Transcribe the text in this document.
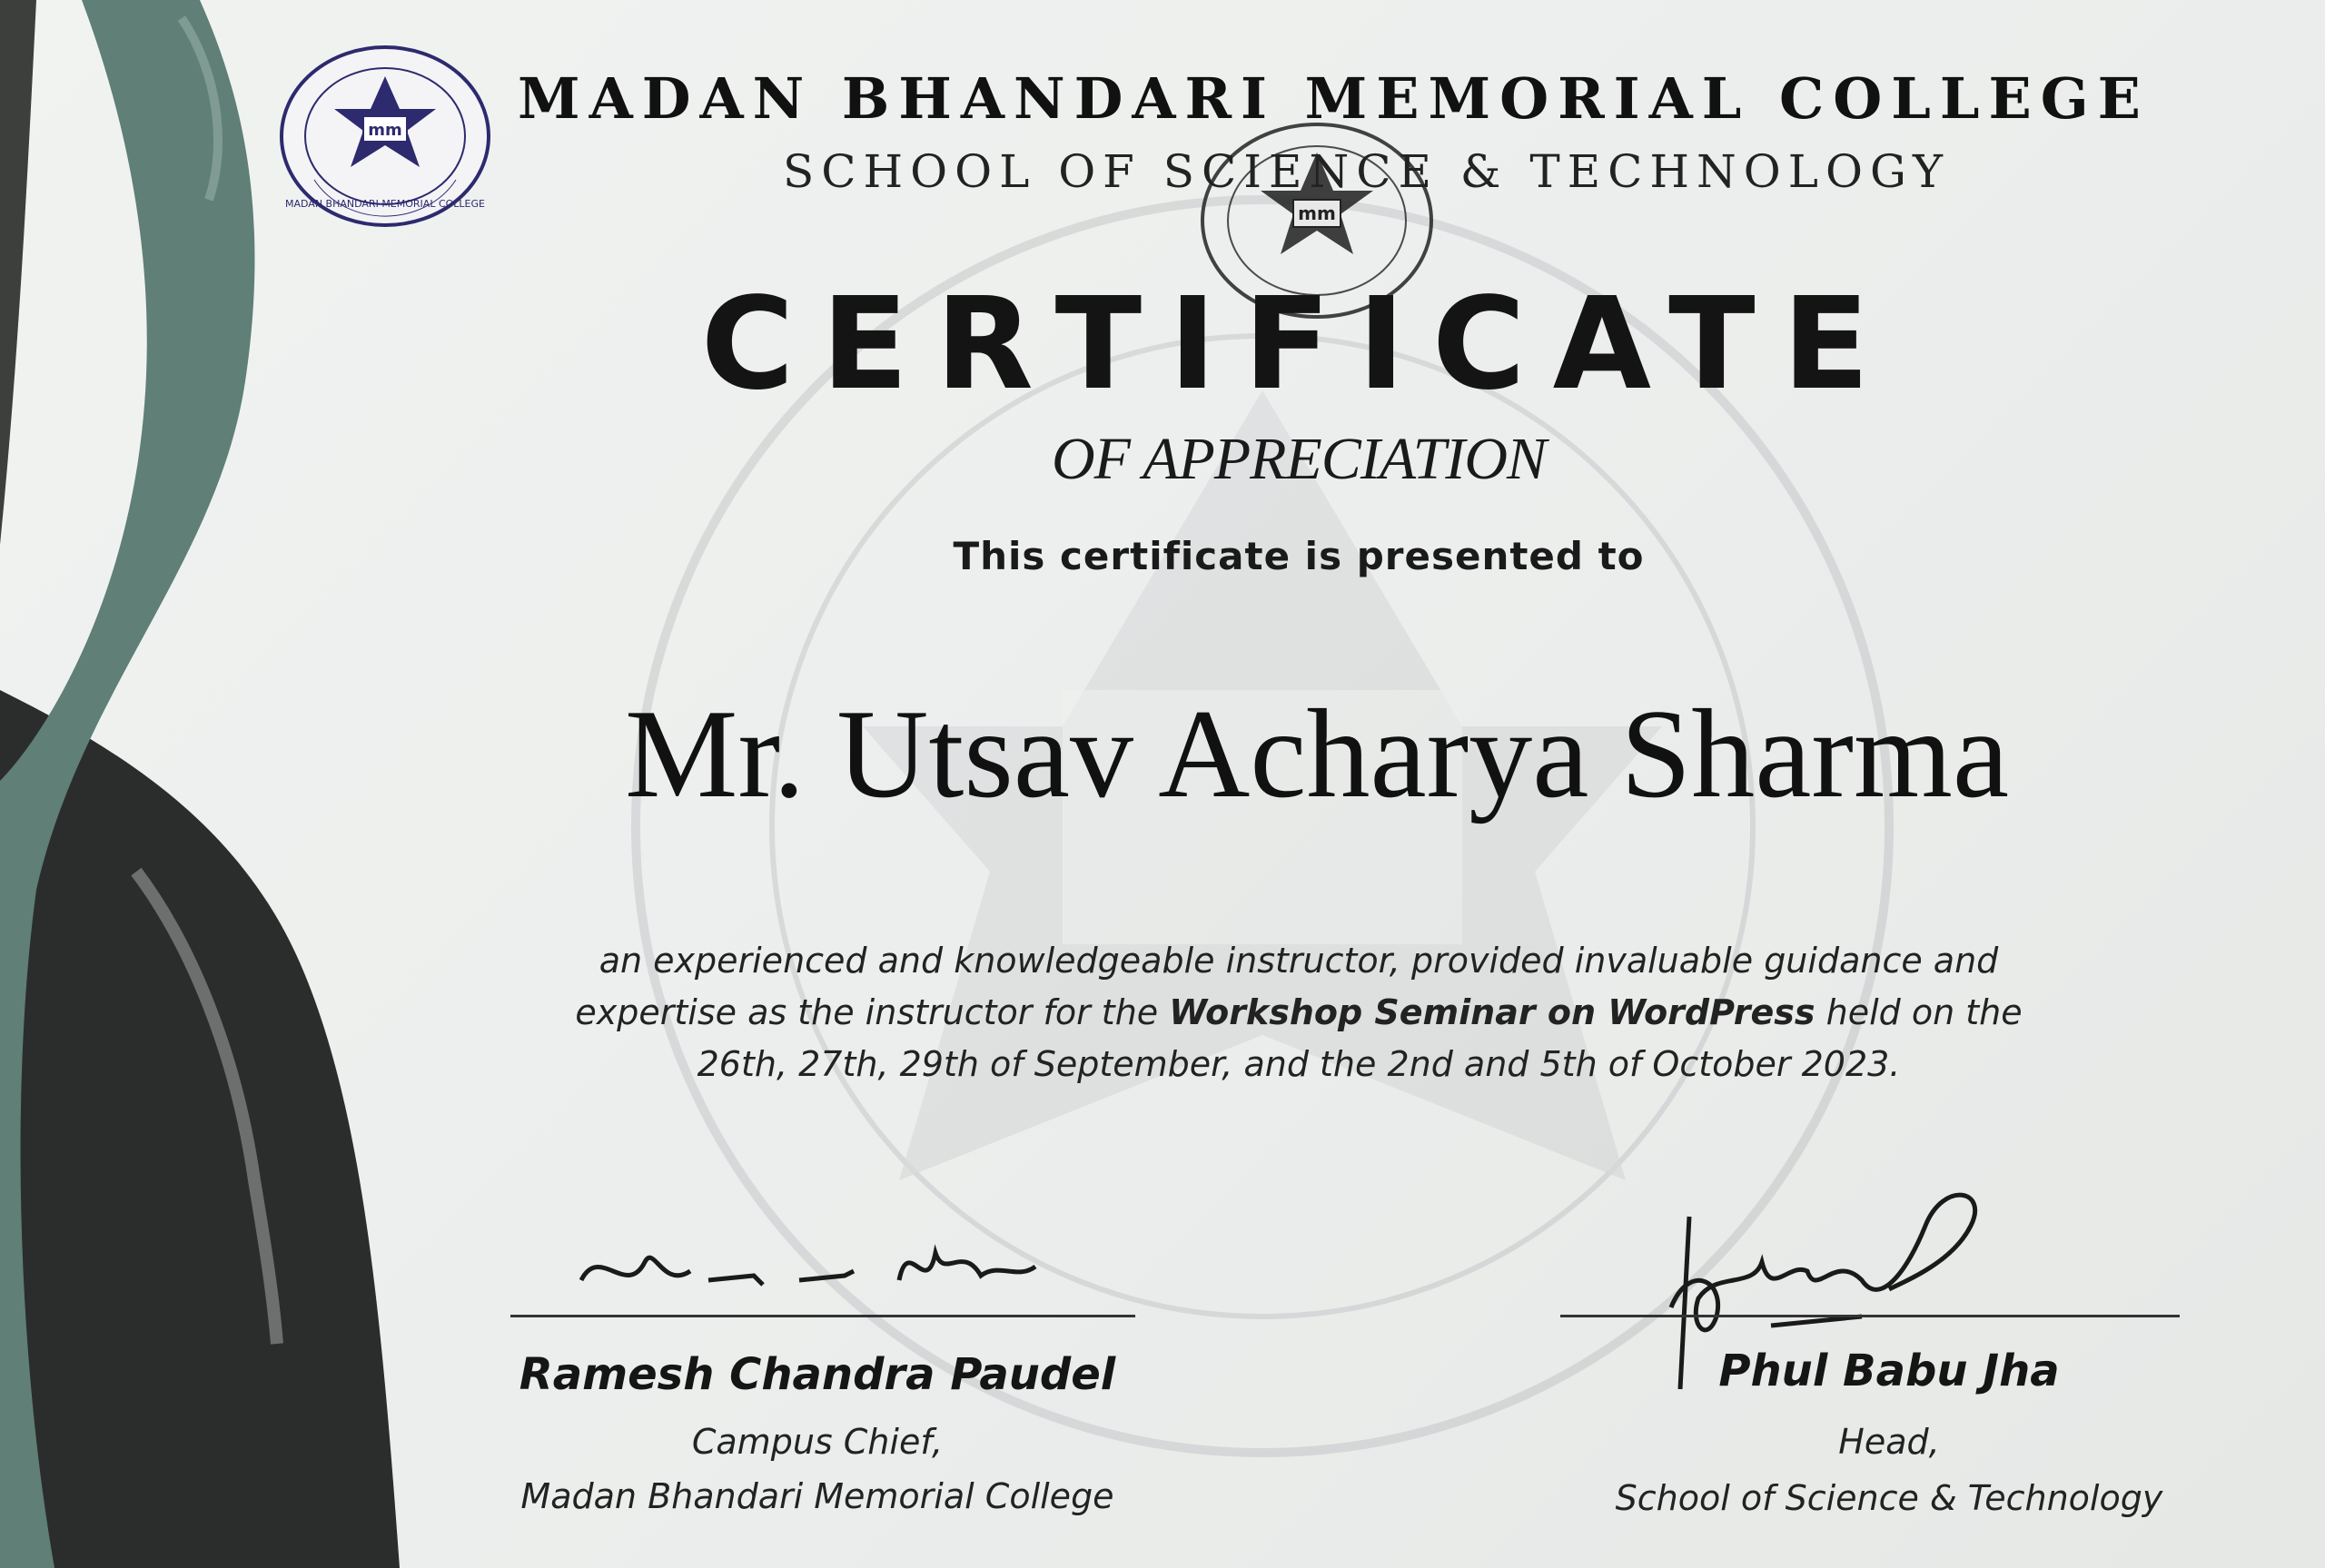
mm
MADAN BHANDARI MEMORIAL COLLEGE	mm
MADAN BHANDARI MEMORIAL COLLEGE
SCHOOL OF SCIENCE & TECHNOLOGY
CERTIFICATE
OF APPRECIATION
This certificate is presented to
Mr. Utsav Acharya Sharma
an experienced and knowledgeable instructor, provided invaluable guidance and expertise as the instructor for the Workshop Seminar on WordPress held on the 26th, 27th, 29th of September, and the 2nd and 5th of October 2023.
Ramesh Chandra Paudel
Campus Chief,
Madan Bhandari Memorial College
Phul Babu Jha
Head,
School of Science & Technology
